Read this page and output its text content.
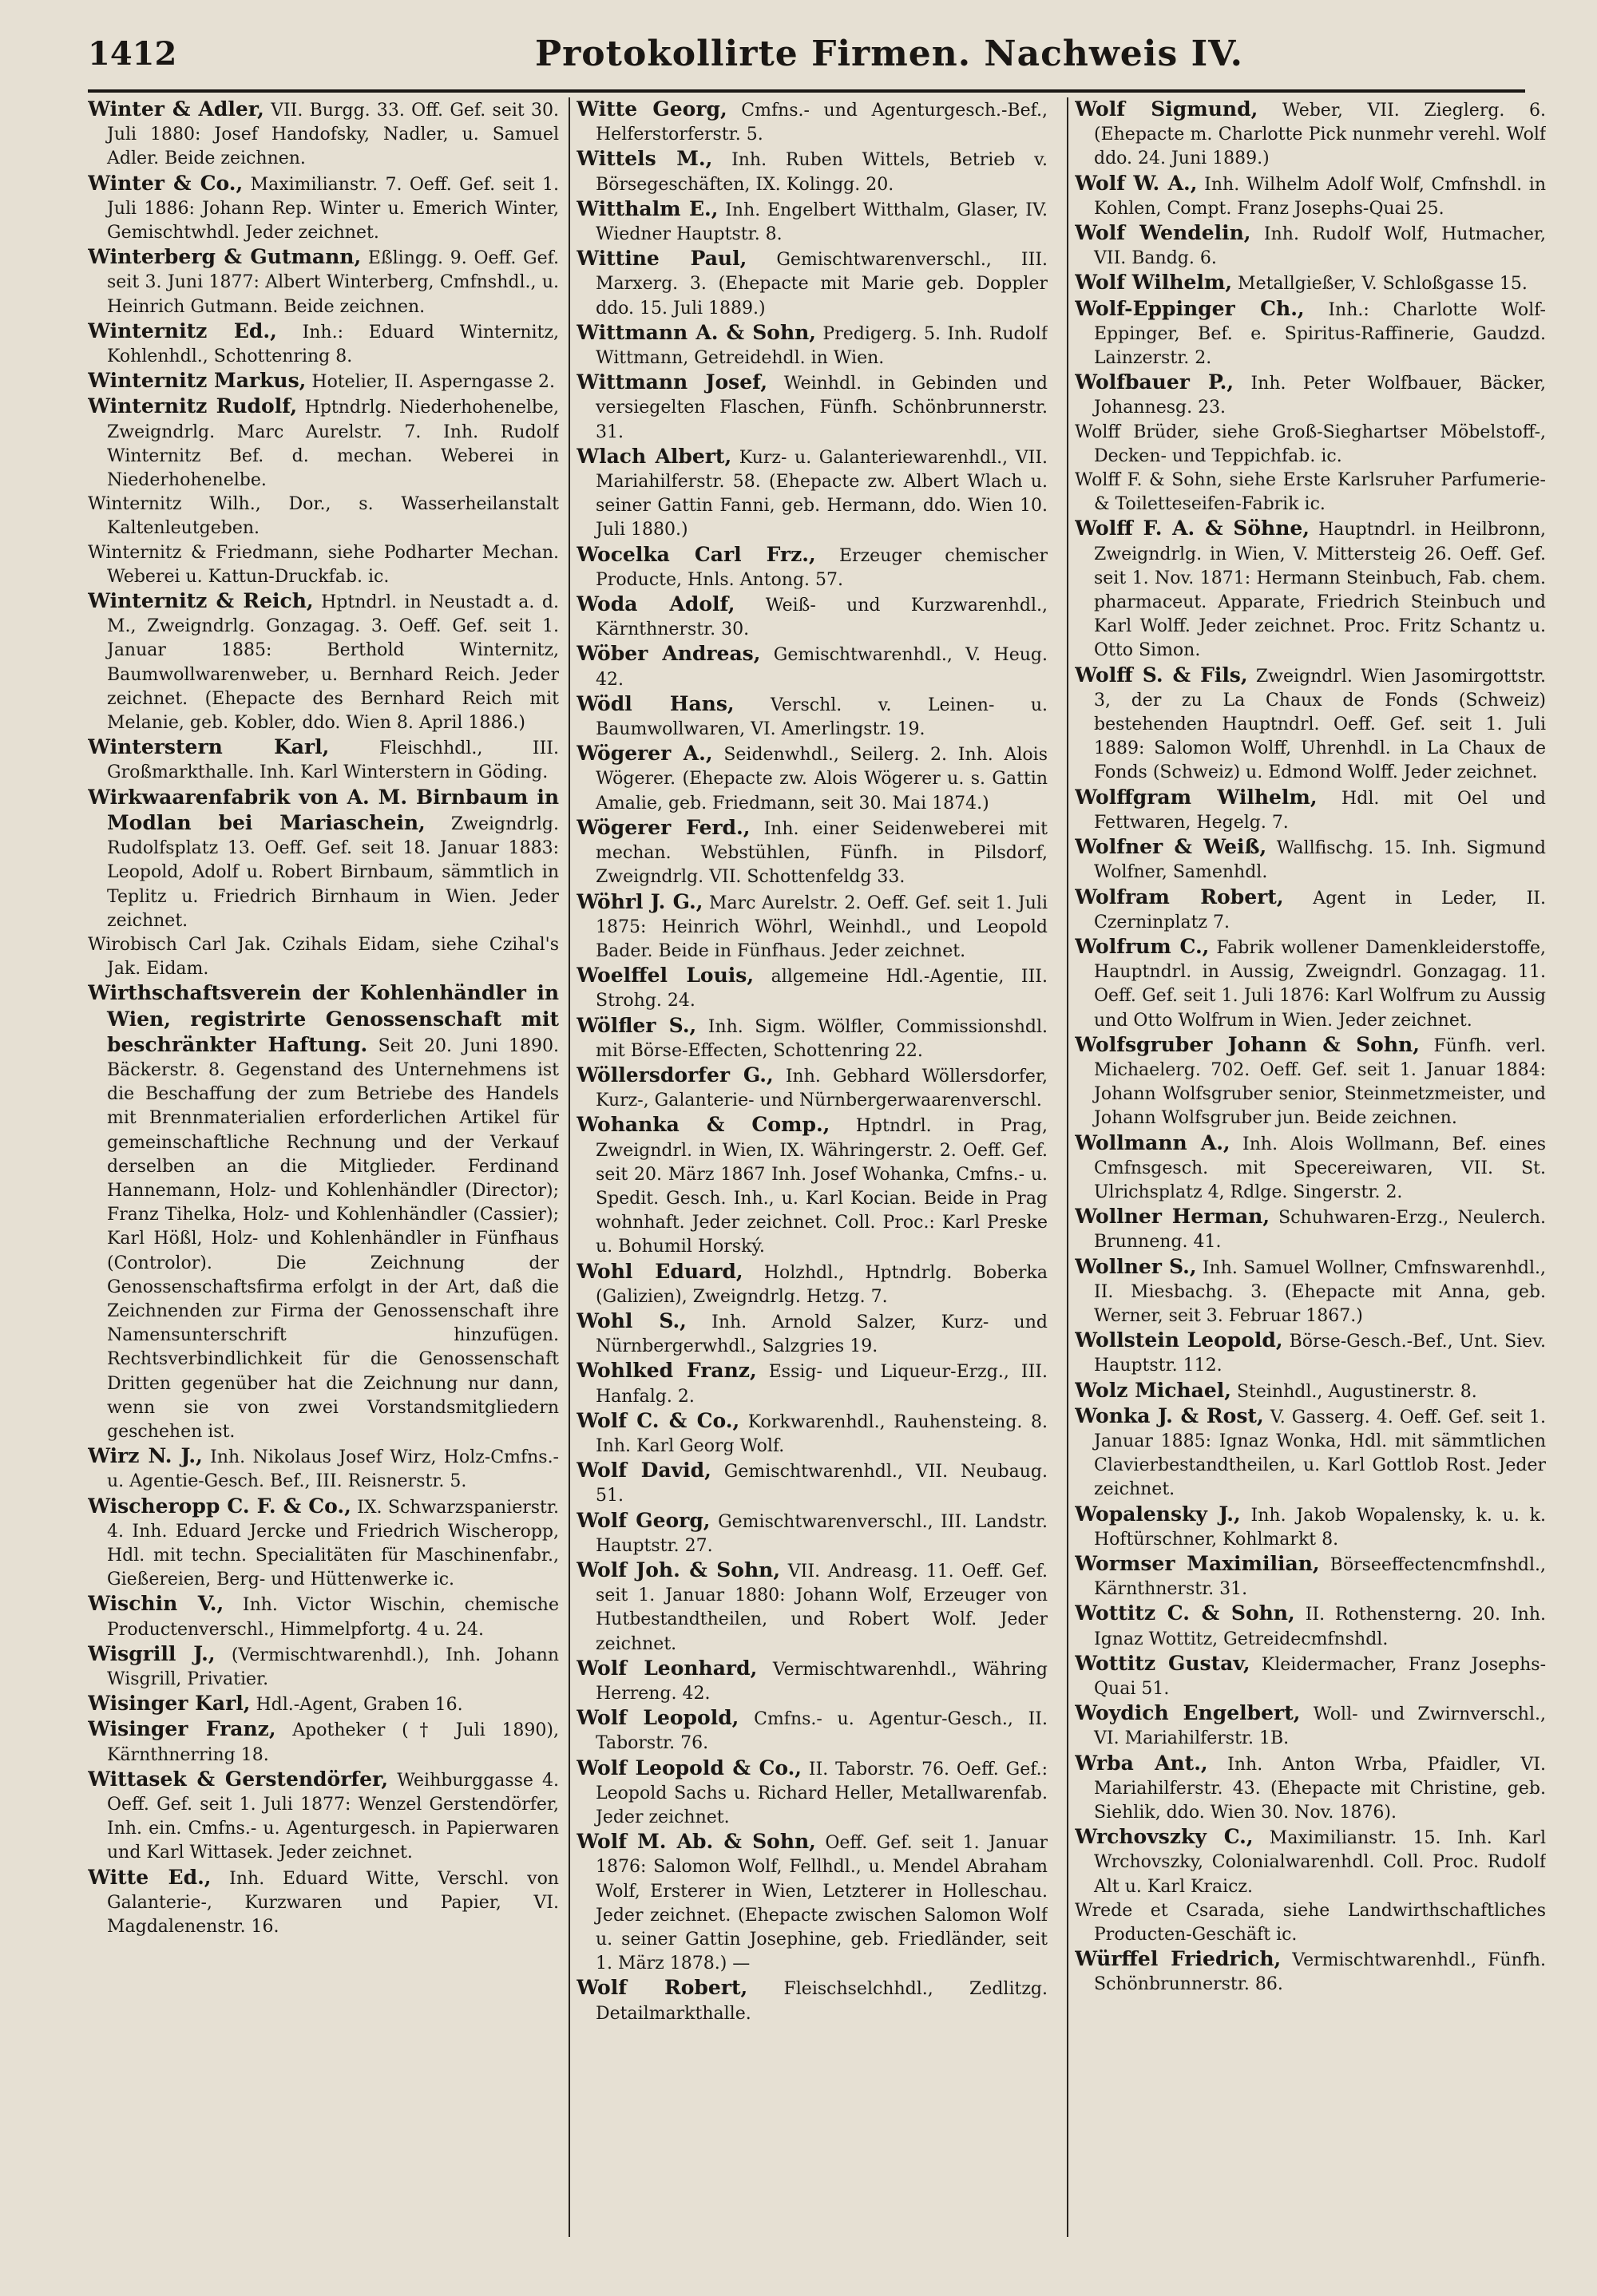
1412	Protokollirte Firmen. Nachweis IV.

Winter & Adler, VII. Burgg. 33. Off. Gef. seit 30. Juli 1880: Josef Handofsky, Nadler, u. Samuel Adler. Beide zeichnen.

Winter & Co., Maximilianstr. 7. Oeff. Gef. seit 1. Juli 1886: Johann Rep. Winter u. Emerich Winter, Gemischtwhdl. Jeder zeichnet.

Winterberg & Gutmann, Eßlingg. 9. Oeff. Gef. seit 3. Juni 1877: Albert Winterberg, Cmfnshdl., u. Heinrich Gutmann. Beide zeichnen.

Winternitz Ed., Inh.: Eduard Winternitz, Kohlenhdl., Schottenring 8.

Winternitz Markus, Hotelier, II. Asperngasse 2.

Winternitz Rudolf, Hptndrlg. Niederhohenelbe, Zweigndrlg. Marc Aurelstr. 7. Inh. Rudolf Winternitz Bef. d. mechan. Weberei in Niederhohenelbe.

Winternitz Wilh., Dor., s. Wasserheilanstalt Kaltenleutgeben.

Winternitz & Friedmann, siehe Podharter Mechan. Weberei u. Kattun-Druckfab. ic.

Winternitz & Reich, Hptndrl. in Neustadt a. d. M., Zweigndrlg. Gonzagag. 3. Oeff. Gef. seit 1. Januar 1885: Berthold Winternitz, Baumwollwarenweber, u. Bernhard Reich. Jeder zeichnet. (Ehepacte des Bernhard Reich mit Melanie, geb. Kobler, ddo. Wien 8. April 1886.)

Winterstern Karl,	Fleischhdl., III. Großmarkthalle. Inh. Karl Winterstern in Göding.

Wirkwaarenfabrik von A. M. Birnbaum in Modlan bei Mariaschein, Zweigndrlg. Rudolfsplatz 13. Oeff. Gef. seit 18. Januar 1883: Leopold, Adolf u. Robert Birnbaum, sämmtlich in Teplitz u. Friedrich Birnhaum in Wien. Jeder zeichnet.

Wirobisch Carl Jak. Czihals Eidam, siehe Czihal's Jak. Eidam.

Wirthschaftsverein der Kohlenhändler in Wien, registrirte Genossenschaft mit beschränkter Haftung. Seit 20. Juni 1890. Bäckerstr. 8. Gegenstand des Unternehmens ist die Beschaffung der zum Betriebe des Handels mit Brennmaterialien erforderlichen Artikel für gemeinschaftliche Rechnung und der Verkauf derselben an die Mitglieder. Ferdinand Hannemann, Holz- und Kohlenhändler (Director); Franz Tihelka, Holz- und Kohlenhändler (Cassier); Karl Hößl, Holz- und Kohlenhändler in Fünfhaus (Controlor). Die Zeichnung der Genossenschaftsfirma erfolgt in der Art, daß die Zeichnenden zur Firma der Genossenschaft ihre Namensunterschrift hinzufügen. Rechtsverbindlichkeit für die Genossenschaft Dritten gegenüber hat die Zeichnung nur dann, wenn sie von zwei Vorstandsmitgliedern geschehen ist.

Wirz N. J., Inh. Nikolaus Josef Wirz, Holz-Cmfns.- u. Agentie-Gesch. Bef., III. Reisnerstr. 5.

Wischeropp C. F. & Co., IX. Schwarzspanierstr. 4. Inh. Eduard Jercke und Friedrich Wischeropp, Hdl. mit techn. Specialitäten für Maschinenfabr., Gießereien, Berg- und Hüttenwerke ic.

Wischin V., Inh. Victor Wischin, chemische Productenverschl., Himmelpfortg. 4 u. 24.

Wisgrill J., (Vermischtwarenhdl.), Inh. Johann Wisgrill, Privatier.

Wisinger Karl, Hdl.-Agent, Graben 16.

Wisinger Franz, Apotheker († Juli 1890), Kärnthnerring 18.

Wittasek & Gerstendörfer, Weihburggasse 4. Oeff. Gef. seit 1. Juli 1877: Wenzel Gerstendörfer, Inh. ein. Cmfns.- u. Agenturgesch. in Papierwaren und Karl Wittasek. Jeder zeichnet.

Witte Ed., Inh. Eduard Witte, Verschl. von Galanterie-, Kurzwaren und Papier, VI. Magdalenenstr. 16.

Witte Georg, Cmfns.- und Agenturgesch.-Bef., Helferstorferstr. 5.

Wittels M., Inh. Ruben Wittels, Betrieb v. Börsegeschäften, IX. Kolingg. 20.

Witthalm E., Inh. Engelbert Witthalm, Glaser, IV. Wiedner Hauptstr. 8.

Wittine Paul, Gemischtwarenverschl., III. Marxerg. 3. (Ehepacte mit Marie geb. Doppler ddo. 15. Juli 1889.)

Wittmann A. & Sohn, Predigerg. 5. Inh. Rudolf Wittmann, Getreidehdl. in Wien.

Wittmann Josef, Weinhdl. in Gebinden und versiegelten Flaschen, Fünfh. Schönbrunnerstr. 31.

Wlach Albert, Kurz- u. Galanteriewarenhdl., VII. Mariahilferstr. 58. (Ehepacte zw. Albert Wlach u. seiner Gattin Fanni, geb. Hermann, ddo. Wien 10. Juli 1880.)

Wocelka Carl Frz., Erzeuger chemischer Producte, Hnls. Antong. 57.

Woda Adolf, Weiß- und Kurzwarenhdl., Kärnthnerstr. 30.

Wöber Andreas, Gemischtwarenhdl., V. Heug. 42.

Wödl Hans, Verschl. v. Leinen- u. Baumwollwaren, VI. Amerlingstr. 19.

Wögerer A., Seidenwhdl., Seilerg. 2. Inh. Alois Wögerer. (Ehepacte zw. Alois Wögerer u. s. Gattin Amalie, geb. Friedmann, seit 30. Mai 1874.)

Wögerer Ferd., Inh. einer Seidenweberei mit mechan. Webstühlen, Fünfh. in Pilsdorf, Zweigndrlg. VII. Schottenfeldg 33.

Wöhrl J. G., Marc Aurelstr. 2. Oeff. Gef. seit 1. Juli 1875: Heinrich Wöhrl, Weinhdl., und Leopold Bader. Beide in Fünfhaus. Jeder zeichnet.

Woelffel Louis, allgemeine Hdl.-Agentie, III. Strohg. 24.

Wölfler S., Inh. Sigm. Wölfler, Commissionshdl. mit Börse-Effecten, Schottenring 22.

Wöllersdorfer G., Inh. Gebhard Wöllersdorfer, Kurz-, Galanterie- und Nürnbergerwaarenverschl.

Wohanka & Comp., Hptndrl. in Prag, Zweigndrl. in Wien, IX. Währingerstr. 2. Oeff. Gef. seit 20. März 1867 Inh. Josef Wohanka, Cmfns.- u. Spedit. Gesch. Inh., u. Karl Kocian. Beide in Prag wohnhaft. Jeder zeichnet. Coll. Proc.: Karl Preske u. Bohumil Horský.

Wohl Eduard, Holzhdl., Hptndrlg. Boberka (Galizien), Zweigndrlg. Hetzg. 7.

Wohl S., Inh. Arnold Salzer, Kurz- und Nürnbergerwhdl., Salzgries 19.

Wohlked Franz, Essig- und Liqueur-Erzg., III. Hanfalg. 2.

Wolf C. & Co., Korkwarenhdl., Rauhensteing. 8. Inh. Karl Georg Wolf.

Wolf David, Gemischtwarenhdl., VII. Neubaug. 51.

Wolf Georg, Gemischtwarenverschl., III. Landstr. Hauptstr. 27.

Wolf Joh. & Sohn, VII. Andreasg. 11. Oeff. Gef. seit 1. Januar 1880: Johann Wolf, Erzeuger von Hutbestandtheilen, und Robert Wolf. Jeder zeichnet.

Wolf Leonhard, Vermischtwarenhdl., Währing Herreng. 42.

Wolf Leopold, Cmfns.- u. Agentur-Gesch., II. Taborstr. 76.

Wolf Leopold & Co., II. Taborstr. 76. Oeff. Gef.: Leopold Sachs u. Richard Heller, Metallwarenfab. Jeder zeichnet.

Wolf M. Ab. & Sohn, Oeff. Gef. seit 1. Januar 1876: Salomon Wolf, Fellhdl., u. Mendel Abraham Wolf, Ersterer in Wien, Letzterer in Holleschau. Jeder zeichnet. (Ehepacte zwischen Salomon Wolf u. seiner Gattin Josephine, geb. Friedländer, seit 1. März 1878.) —

Wolf Robert, Fleischselchhdl., Zedlitzg. Detailmarkthalle.

Wolf Sigmund, Weber, VII. Zieglerg. 6. (Ehepacte m. Charlotte Pick nunmehr verehl. Wolf ddo. 24. Juni 1889.)

Wolf W. A., Inh. Wilhelm Adolf Wolf, Cmfnshdl. in Kohlen, Compt. Franz Josephs-Quai 25.

Wolf Wendelin, Inh. Rudolf Wolf, Hutmacher, VII. Bandg. 6.

Wolf Wilhelm, Metallgießer, V. Schloßgasse 15.

Wolf-Eppinger Ch., Inh.: Charlotte Wolf-Eppinger, Bef. e. Spiritus-Raffinerie, Gaudzd. Lainzerstr. 2.

Wolfbauer P., Inh. Peter Wolfbauer, Bäcker, Johannesg. 23.

Wolff Brüder, siehe Groß-Sieghartser Möbelstoff-, Decken- und Teppichfab. ic.

Wolff F. & Sohn, siehe Erste Karlsruher Parfumerie- & Toiletteseifen-Fabrik ic.

Wolff F. A. & Söhne, Hauptndrl. in Heilbronn, Zweigndrlg. in Wien, V. Mittersteig 26. Oeff. Gef. seit 1. Nov. 1871: Hermann Steinbuch, Fab. chem. pharmaceut. Apparate, Friedrich Steinbuch und Karl Wolff. Jeder zeichnet. Proc. Fritz Schantz u. Otto Simon.

Wolff S. & Fils, Zweigndrl. Wien Jasomirgottstr. 3, der zu La Chaux de Fonds (Schweiz) bestehenden Hauptndrl. Oeff. Gef. seit 1. Juli 1889: Salomon Wolff, Uhrenhdl. in La Chaux de Fonds (Schweiz) u. Edmond Wolff. Jeder zeichnet.

Wolffgram Wilhelm, Hdl. mit Oel und Fettwaren, Hegelg. 7.

Wolfner & Weiß, Wallfischg. 15. Inh. Sigmund Wolfner, Samenhdl.

Wolfram Robert, Agent in Leder, II. Czerninplatz 7.

Wolfrum C., Fabrik wollener Damenkleiderstoffe, Hauptndrl. in Aussig, Zweigndrl. Gonzagag. 11. Oeff. Gef. seit 1. Juli 1876: Karl Wolfrum zu Aussig und Otto Wolfrum in Wien. Jeder zeichnet.

Wolfsgruber Johann & Sohn, Fünfh. verl. Michaelerg. 702. Oeff. Gef. seit 1. Januar 1884: Johann Wolfsgruber senior, Steinmetzmeister, und Johann Wolfsgruber jun. Beide zeichnen.

Wollmann A., Inh. Alois Wollmann, Bef. eines Cmfnsgesch. mit Specereiwaren, VII. St. Ulrichsplatz 4, Rdlge. Singerstr. 2.

Wollner Herman, Schuhwaren-Erzg., Neulerch. Brunneng. 41.

Wollner S., Inh. Samuel Wollner, Cmfnswarenhdl., II. Miesbachg. 3. (Ehepacte mit Anna, geb. Werner, seit 3. Februar 1867.)

Wollstein Leopold, Börse-Gesch.-Bef., Unt. Siev. Hauptstr. 112.

Wolz Michael, Steinhdl., Augustinerstr. 8.

Wonka J. & Rost, V. Gasserg. 4. Oeff. Gef. seit 1. Januar 1885: Ignaz Wonka, Hdl. mit sämmtlichen Clavierbestandtheilen, u. Karl Gottlob Rost. Jeder zeichnet.

Wopalensky J., Inh. Jakob Wopalensky, k. u. k. Hoftürschner, Kohlmarkt 8.

Wormser Maximilian, Börseeffectencmfnshdl., Kärnthnerstr. 31.

Wottitz C. & Sohn, II. Rothensterng. 20. Inh. Ignaz Wottitz, Getreidecmfnshdl.

Wottitz Gustav, Kleidermacher, Franz Josephs-Quai 51.

Woydich Engelbert, Woll- und Zwirnverschl., VI. Mariahilferstr. 1B.

Wrba Ant., Inh. Anton Wrba, Pfaidler, VI. Mariahilferstr. 43. (Ehepacte mit Christine, geb. Siehlik, ddo. Wien 30. Nov. 1876).

Wrchovszky C., Maximilianstr. 15. Inh. Karl Wrchovszky, Colonialwarenhdl. Coll. Proc. Rudolf Alt u. Karl Kraicz.

Wrede et Csarada, siehe Landwirthschaftliches Producten-Geschäft ic.

Würffel Friedrich, Vermischtwarenhdl., Fünfh. Schönbrunnerstr. 86.
